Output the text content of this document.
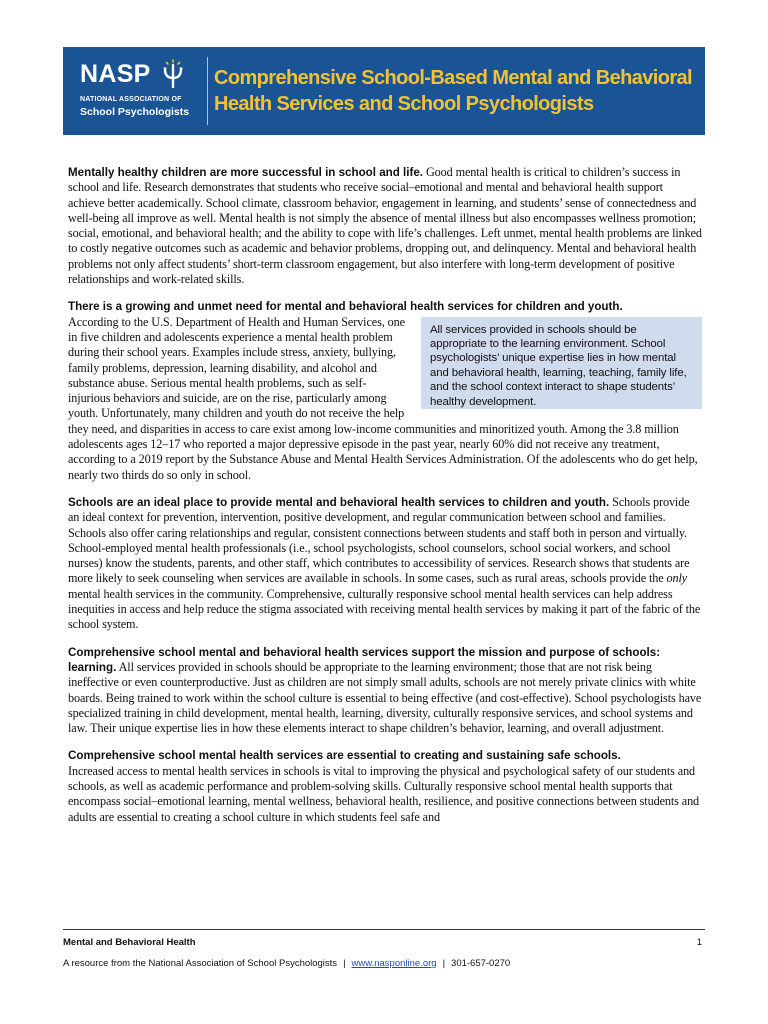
NASP
NATIONAL ASSOCIATION OF
School Psychologists
Comprehensive School-Based Mental and Behavioral
Health Services and School Psychologists

Mentally healthy children are more successful in school and life. Good mental health is critical to children’s success in school and life. Research demonstrates that students who receive social–emotional and mental and behavioral health support achieve better academically. School climate, classroom behavior, engagement in learning, and students’ sense of connectedness and well-being all improve as well. Mental health is not simply the absence of mental illness but also encompasses wellness promotion; social, emotional, and behavioral health; and the ability to cope with life’s challenges. Left unmet, mental health problems are linked to costly negative outcomes such as academic and behavior problems, dropping out, and delinquency. Mental and behavioral health problems not only affect students’ short-term classroom engagement, but also interfere with long-term development of positive relationships and work-related skills.

There is a growing and unmet need for mental and behavioral health services for children and youth.

All services provided in schools should be appropriate to the learning environment. School psychologists’ unique expertise lies in how mental and behavioral health, learning, teaching, family life, and the school context interact to shape students’ healthy development.
According to the U.S. Department of Health and Human Services, one in five children and adolescents experience a mental health problem during their school years. Examples include stress, anxiety, bullying, family problems, depression, learning disability, and alcohol and substance abuse. Serious mental health problems, such as self-injurious behaviors and suicide, are on the rise, particularly among youth. Unfortunately, many children and youth do not receive the help they need, and disparities in access to care exist among low-income communities and minoritized youth. Among the 3.8 million adolescents ages 12–17 who reported a major depressive episode in the past year, nearly 60% did not receive any treatment, according to a 2019 report by the Substance Abuse and Mental Health Services Administration. Of the adolescents who do get help, nearly two thirds do so only in school.

Schools are an ideal place to provide mental and behavioral health services to children and youth. Schools provide an ideal context for prevention, intervention, positive development, and regular communication between school and families. Schools also offer caring relationships and regular, consistent connections between students and staff both in person and virtually. School-employed mental health professionals (i.e., school psychologists, school counselors, school social workers, and school nurses) know the students, parents, and other staff, which contributes to accessibility of services. Research shows that students are more likely to seek counseling when services are available in schools. In some cases, such as rural areas, schools provide the only mental health services in the community. Comprehensive, culturally responsive school mental health services can help address inequities in access and help reduce the stigma associated with receiving mental health services by making it part of the fabric of the school system.

Comprehensive school mental and behavioral health services support the mission and purpose of schools: learning. All services provided in schools should be appropriate to the learning environment; those that are not risk being ineffective or even counterproductive. Just as children are not simply small adults, schools are not merely private clinics with white boards. Being trained to work within the school culture is essential to being effective (and cost-effective). School psychologists have specialized training in child development, mental health, learning, diversity, culturally responsive services, and school systems and law. Their unique expertise lies in how these elements interact to shape children’s behavior, learning, and overall adjustment.

Comprehensive school mental health services are essential to creating and sustaining safe schools.
Increased access to mental health services in schools is vital to improving the physical and psychological safety of our students and schools, as well as academic performance and problem-solving skills. Culturally responsive school mental health supports that encompass social–emotional learning, mental wellness, behavioral health, resilience, and positive connections between students and adults are essential to creating a school culture in which students feel safe and

Mental and Behavioral Health	1
A resource from the National Association of School Psychologists | www.nasponline.org | 301-657-0270
